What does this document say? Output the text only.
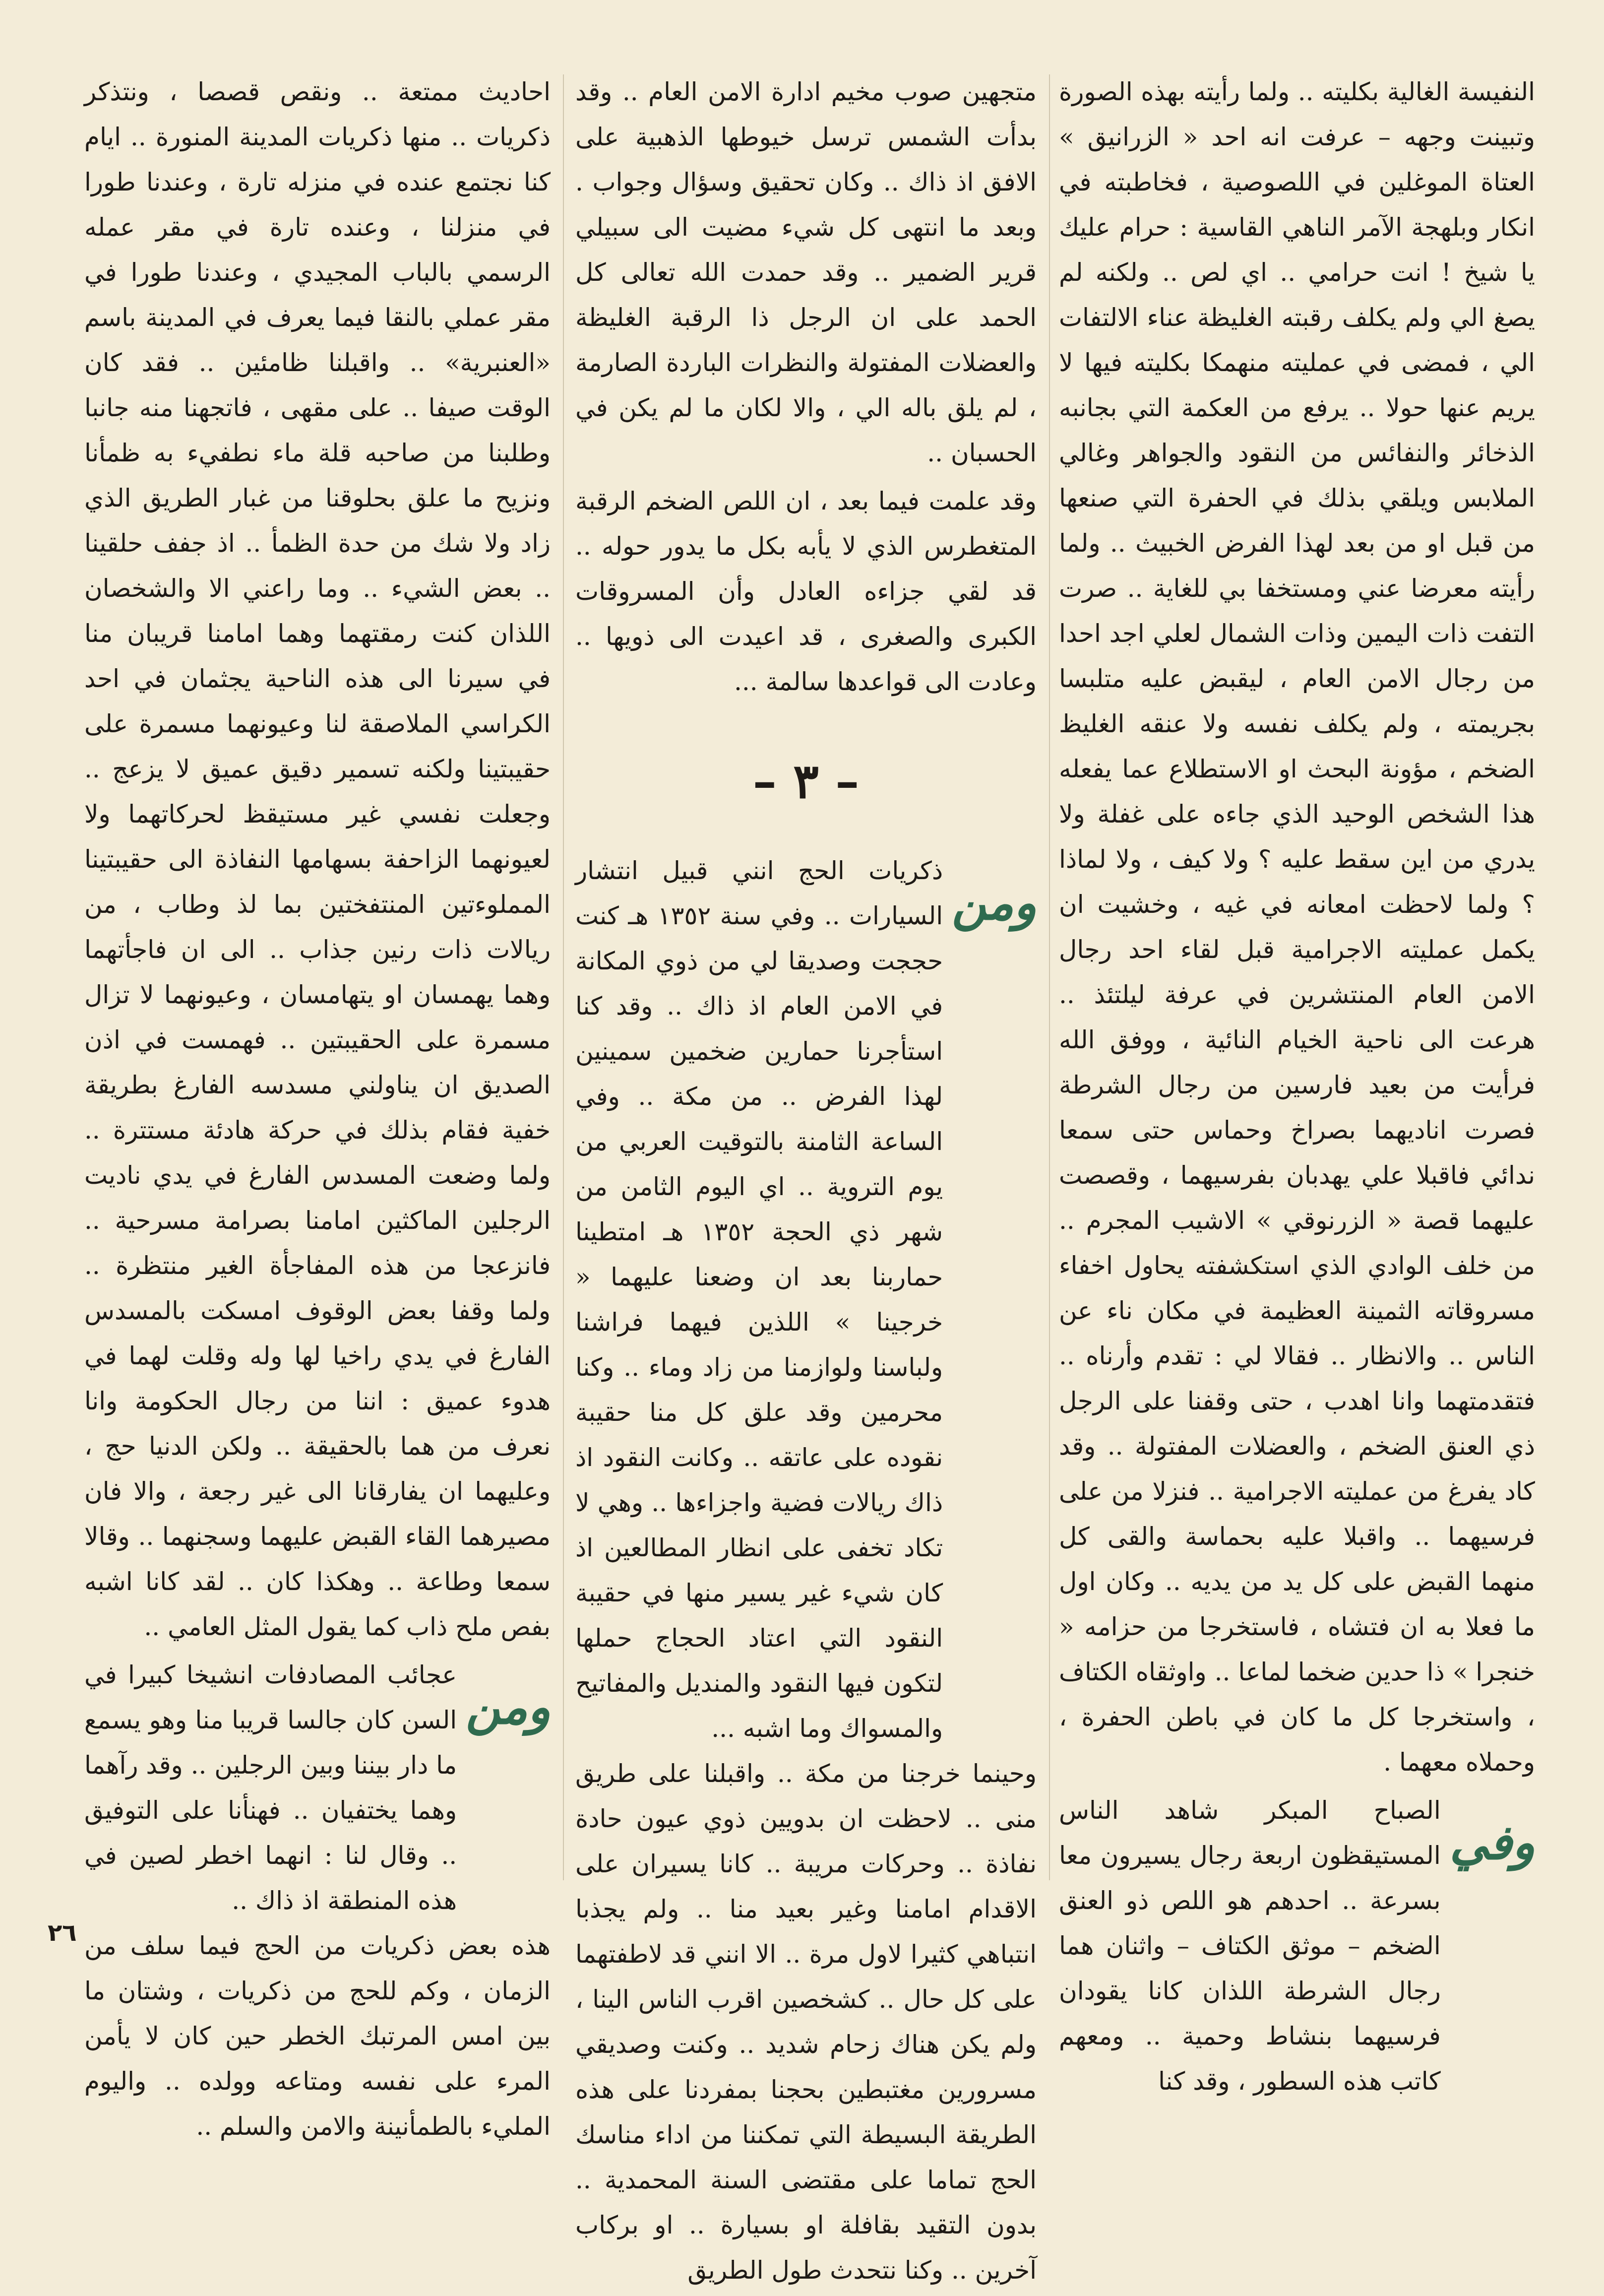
النفيسة الغالية بكليته .. ولما رأيته بهذه الصورة وتبينت وجهه – عرفت انه احد « الزرانيق » العتاة الموغلين في اللصوصية ، فخاطبته في انكار وبلهجة الآمر الناهي القاسية : حرام عليك يا شيخ ! انت حرامي .. اي لص .. ولكنه لم يصغ الي ولم يكلف رقبته الغليظة عناء الالتفات الي ، فمضى في عمليته منهمكا بكليته فيها لا يريم عنها حولا .. يرفع من العكمة التي بجانبه الذخائر والنفائس من النقود والجواهر وغالي الملابس ويلقي بذلك في الحفرة التي صنعها من قبل او من بعد لهذا الفرض الخبيث .. ولما رأيته معرضا عني ومستخفا بي للغاية .. صرت التفت ذات اليمين وذات الشمال لعلي اجد احدا من رجال الامن العام ، ليقبض عليه متلبسا بجريمته ، ولم يكلف نفسه ولا عنقه الغليظ الضخم ، مؤونة البحث او الاستطلاع عما يفعله هذا الشخص الوحيد الذي جاءه على غفلة ولا يدري من اين سقط عليه ؟ ولا كيف ، ولا لماذا ؟ ولما لاحظت امعانه في غيه ، وخشيت ان يكمل عمليته الاجرامية قبل لقاء احد رجال الامن العام المنتشرين في عرفة ليلتئذ .. هرعت الى ناحية الخيام النائية ، ووفق الله فرأيت من بعيد فارسين من رجال الشرطة فصرت اناديهما بصراخ وحماس حتى سمعا ندائي فاقبلا علي يهدبان بفرسيهما ، وقصصت عليهما قصة « الزرنوقي » الاشيب المجرم .. من خلف الوادي الذي استكشفته يحاول اخفاء مسروقاته الثمينة العظيمة في مكان ناء عن الناس .. والانظار .. فقالا لي : تقدم وأرناه .. فتقدمتهما وانا اهدب ، حتى وقفنا على الرجل ذي العنق الضخم ، والعضلات المفتولة .. وقد كاد يفرغ من عمليته الاجرامية .. فنزلا من على فرسيهما .. واقبلا عليه بحماسة والقى كل منهما القبض على كل يد من يديه .. وكان اول ما فعلا به ان فتشاه ، فاستخرجا من حزامه « خنجرا » ذا حدين ضخما لماعا .. واوثقاه الكتاف ، واستخرجا كل ما كان في باطن الحفرة ، وحملاه معهما .

وفي

الصباح المبكر شاهد الناس المستيقظون اربعة رجال يسيرون معا بسرعة .. احدهم هو اللص ذو العنق الضخم – موثق الكتاف – واثنان هما رجال الشرطة اللذان كانا يقودان فرسيهما بنشاط وحمية .. ومعهم كاتب هذه السطور ، وقد كنا

متجهين صوب مخيم ادارة الامن العام .. وقد بدأت الشمس ترسل خيوطها الذهبية على الافق اذ ذاك .. وكان تحقيق وسؤال وجواب . وبعد ما انتهى كل شيء مضيت الى سبيلي قرير الضمير .. وقد حمدت الله تعالى كل الحمد على ان الرجل ذا الرقبة الغليظة والعضلات المفتولة والنظرات الباردة الصارمة ، لم يلق باله الي ، والا لكان ما لم يكن في الحسبان ..

وقد علمت فيما بعد ، ان اللص الضخم الرقبة المتغطرس الذي لا يأبه بكل ما يدور حوله .. قد لقي جزاءه العادل وأن المسروقات الكبرى والصغرى ، قد اعيدت الى ذويها .. وعادت الى قواعدها سالمة ...

– ٣ –
ومن

ذكريات الحج انني قبيل انتشار السيارات .. وفي سنة ١٣٥٢ هـ كنت حججت وصديقا لي من ذوي المكانة في الامن العام اذ ذاك .. وقد كنا استأجرنا حمارين ضخمين سمينين لهذا الفرض .. من مكة .. وفي الساعة الثامنة بالتوقيت العربي من يوم التروية .. اي اليوم الثامن من شهر ذي الحجة ١٣٥٢ هـ امتطينا حماربنا بعد ان وضعنا عليهما « خرجينا » اللذين فيهما فراشنا ولباسنا ولوازمنا من زاد وماء .. وكنا محرمين وقد علق كل منا حقيبة نقوده على عاتقه .. وكانت النقود اذ ذاك ريالات فضية واجزاءها .. وهي لا تكاد تخفى على انظار المطالعين اذ كان شيء غير يسير منها في حقيبة النقود التي اعتاد الحجاج حملها لتكون فيها النقود والمنديل والمفاتيح والمسواك وما اشبه ...

وحينما خرجنا من مكة .. واقبلنا على طريق منى .. لاحظت ان بدويين ذوي عيون حادة نفاذة .. وحركات مريبة .. كانا يسيران على الاقدام امامنا وغير بعيد منا .. ولم يجذبا انتباهي كثيرا لاول مرة .. الا انني قد لاطفتهما على كل حال .. كشخصين اقرب الناس الينا ، ولم يكن هناك زحام شديد .. وكنت وصديقي مسرورين مغتبطين بحجنا بمفردنا على هذه الطريقة البسيطة التي تمكننا من اداء مناسك الحج تماما على مقتضى السنة المحمدية .. بدون التقيد بقافلة او بسيارة .. او بركاب آخرين .. وكنا نتحدث طول الطريق

احاديث ممتعة .. ونقص قصصا ، ونتذكر ذكريات .. منها ذكريات المدينة المنورة .. ايام كنا نجتمع عنده في منزله تارة ، وعندنا طورا في منزلنا ، وعنده تارة في مقر عمله الرسمي بالباب المجيدي ، وعندنا طورا في مقر عملي بالنقا فيما يعرف في المدينة باسم «العنبرية» .. واقبلنا ظامئين .. فقد كان الوقت صيفا .. على مقهى ، فاتجهنا منه جانبا وطلبنا من صاحبه قلة ماء نطفيء به ظمأنا ونزيح ما علق بحلوقنا من غبار الطريق الذي زاد ولا شك من حدة الظمأ .. اذ جفف حلقينا .. بعض الشيء .. وما راعني الا والشخصان اللذان كنت رمقتهما وهما امامنا قريبان منا في سيرنا الى هذه الناحية يجثمان في احد الكراسي الملاصقة لنا وعيونهما مسمرة على حقيبتينا ولكنه تسمير دقيق عميق لا يزعج .. وجعلت نفسي غير مستيقظ لحركاتهما ولا لعيونهما الزاحفة بسهامها النفاذة الى حقيبتينا المملوءتين المنتفختين بما لذ وطاب ، من ريالات ذات رنين جذاب .. الى ان فاجأتهما وهما يهمسان او يتهامسان ، وعيونهما لا تزال مسمرة على الحقيبتين .. فهمست في اذن الصديق ان يناولني مسدسه الفارغ بطريقة خفية فقام بذلك في حركة هادئة مستترة .. ولما وضعت المسدس الفارغ في يدي ناديت الرجلين الماكثين امامنا بصرامة مسرحية .. فانزعجا من هذه المفاجأة الغير منتظرة .. ولما وقفا بعض الوقوف امسكت بالمسدس الفارغ في يدي راخيا لها وله وقلت لهما في هدوء عميق : اننا من رجال الحكومة وانا نعرف من هما بالحقيقة .. ولكن الدنيا حج ، وعليهما ان يفارقانا الى غير رجعة ، والا فان مصيرهما القاء القبض عليهما وسجنهما .. وقالا سمعا وطاعة .. وهكذا كان .. لقد كانا اشبه بفص ملح ذاب كما يقول المثل العامي ..

ومن

عجائب المصادفات انشيخا كبيرا في السن كان جالسا قريبا منا وهو يسمع ما دار بيننا وبين الرجلين .. وقد رآهما وهما يختفيان .. فهنأنا على التوفيق .. وقال لنا : انهما اخطر لصين في هذه المنطقة اذ ذاك ..

هذه بعض ذكريات من الحج فيما سلف من الزمان ، وكم للحج من ذكريات ، وشتان ما بين امس المرتبك الخطر حين كان لا يأمن المرء على نفسه ومتاعه وولده .. واليوم المليء بالطمأنينة والامن والسلم ..

٢٦
